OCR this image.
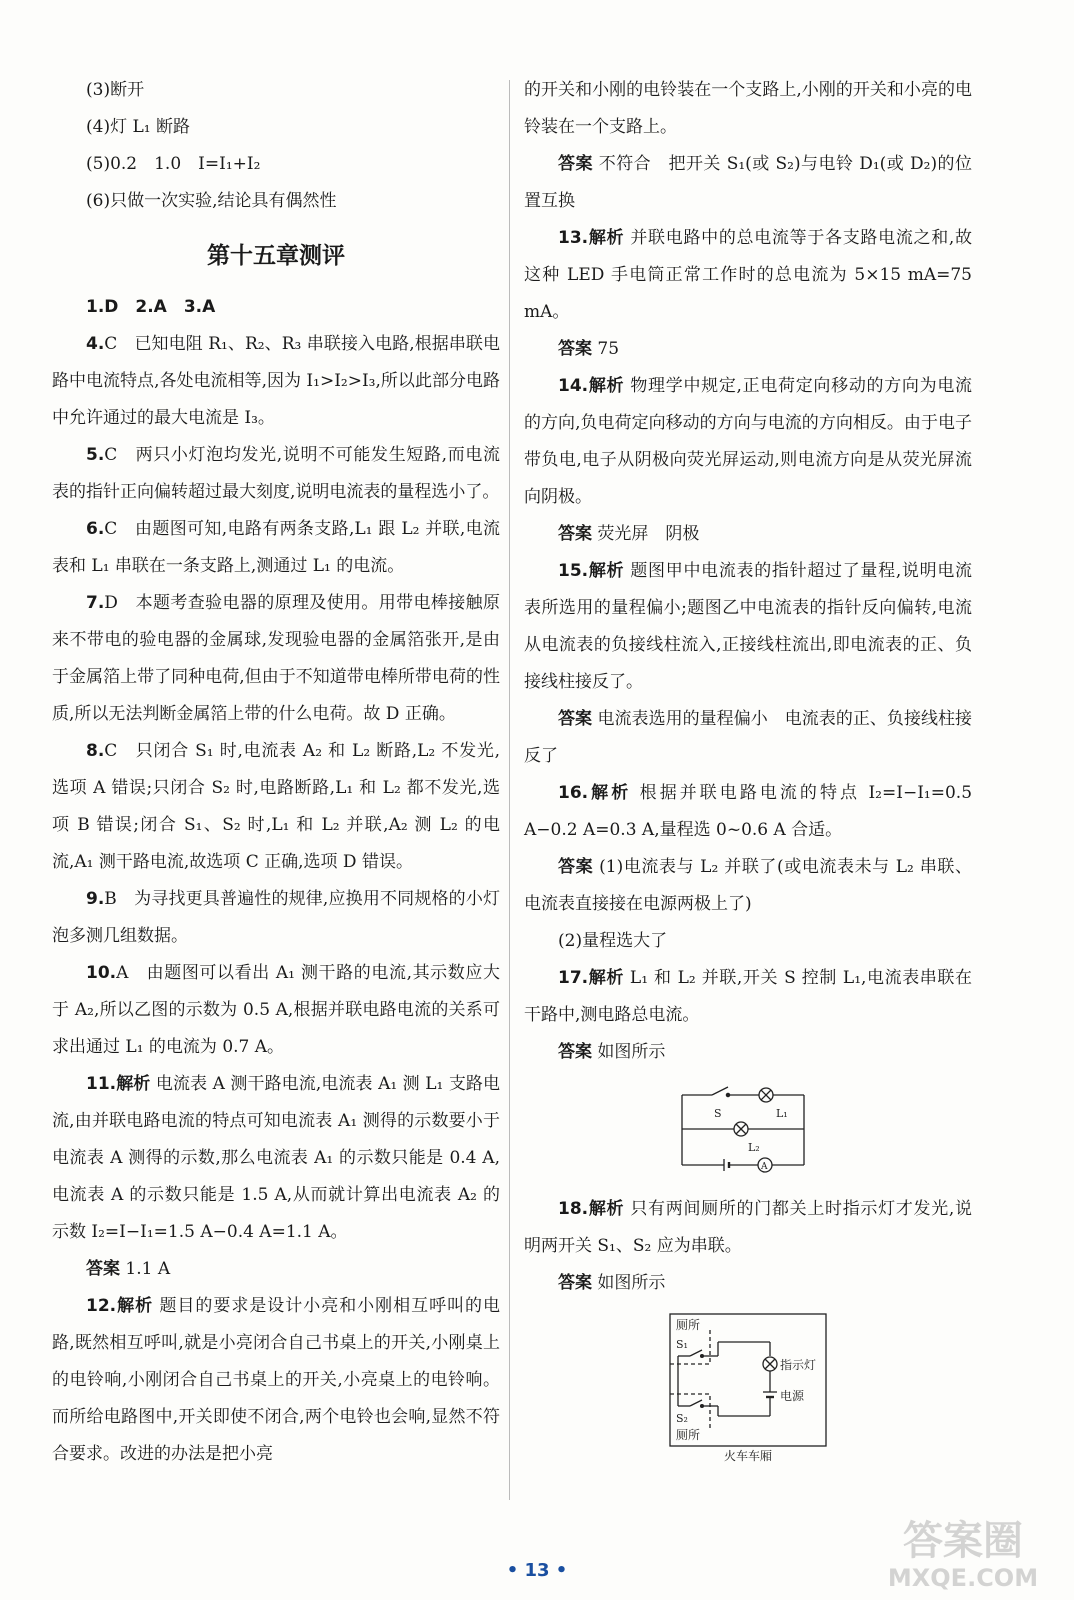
(3)断开

(4)灯 L₁ 断路

(5)0.2　1.0　I=I₁+I₂

(6)只做一次实验,结论具有偶然性

第十五章测评

1.D　2.A　3.A

4.C　已知电阻 R₁、R₂、R₃ 串联接入电路,根据串联电路中电流特点,各处电流相等,因为 I₁>I₂>I₃,所以此部分电路中允许通过的最大电流是 I₃。

5.C　两只小灯泡均发光,说明不可能发生短路,而电流表的指针正向偏转超过最大刻度,说明电流表的量程选小了。

6.C　由题图可知,电路有两条支路,L₁ 跟 L₂ 并联,电流表和 L₁ 串联在一条支路上,测通过 L₁ 的电流。

7.D　本题考查验电器的原理及使用。用带电棒接触原来不带电的验电器的金属球,发现验电器的金属箔张开,是由于金属箔上带了同种电荷,但由于不知道带电棒所带电荷的性质,所以无法判断金属箔上带的什么电荷。故 D 正确。

8.C　只闭合 S₁ 时,电流表 A₂ 和 L₂ 断路,L₂ 不发光,选项 A 错误;只闭合 S₂ 时,电路断路,L₁ 和 L₂ 都不发光,选项 B 错误;闭合 S₁、S₂ 时,L₁ 和 L₂ 并联,A₂ 测 L₂ 的电流,A₁ 测干路电流,故选项 C 正确,选项 D 错误。

9.B　为寻找更具普遍性的规律,应换用不同规格的小灯泡多测几组数据。

10.A　由题图可以看出 A₁ 测干路的电流,其示数应大于 A₂,所以乙图的示数为 0.5 A,根据并联电路电流的关系可求出通过 L₁ 的电流为 0.7 A。

11.解析 电流表 A 测干路电流,电流表 A₁ 测 L₁ 支路电流,由并联电路电流的特点可知电流表 A₁ 测得的示数要小于电流表 A 测得的示数,那么电流表 A₁ 的示数只能是 0.4 A,电流表 A 的示数只能是 1.5 A,从而就计算出电流表 A₂ 的示数 I₂=I−I₁=1.5 A−0.4 A=1.1 A。

答案 1.1 A

12.解析 题目的要求是设计小亮和小刚相互呼叫的电路,既然相互呼叫,就是小亮闭合自己书桌上的开关,小刚桌上的电铃响,小刚闭合自己书桌上的开关,小亮桌上的电铃响。而所给电路图中,开关即使不闭合,两个电铃也会响,显然不符合要求。改进的办法是把小亮

的开关和小刚的电铃装在一个支路上,小刚的开关和小亮的电铃装在一个支路上。

答案 不符合　把开关 S₁(或 S₂)与电铃 D₁(或 D₂)的位置互换

13.解析 并联电路中的总电流等于各支路电流之和,故这种 LED 手电筒正常工作时的总电流为 5×15 mA=75 mA。

答案 75

14.解析 物理学中规定,正电荷定向移动的方向为电流的方向,负电荷定向移动的方向与电流的方向相反。由于电子带负电,电子从阴极向荧光屏运动,则电流方向是从荧光屏流向阴极。

答案 荧光屏　阴极

15.解析 题图甲中电流表的指针超过了量程,说明电流表所选用的量程偏小;题图乙中电流表的指针反向偏转,电流从电流表的负接线柱流入,正接线柱流出,即电流表的正、负接线柱接反了。

答案 电流表选用的量程偏小　电流表的正、负接线柱接反了

16.解析 根据并联电路电流的特点 I₂=I−I₁=0.5 A−0.2 A=0.3 A,量程选 0~0.6 A 合适。

答案 (1)电流表与 L₂ 并联了(或电流表未与 L₂ 串联、电流表直接接在电源两极上了)

(2)量程选大了

17.解析 L₁ 和 L₂ 并联,开关 S 控制 L₁,电流表串联在干路中,测电路总电流。

答案 如图所示

S	L₁
L₂
A

18.解析 只有两间厕所的门都关上时指示灯才发光,说明两开关 S₁、S₂ 应为串联。

答案 如图所示

厕所
S₁
指示灯
电源
S₂
厕所
火车车厢
• 13 •
答案圈
MXQE.COM
